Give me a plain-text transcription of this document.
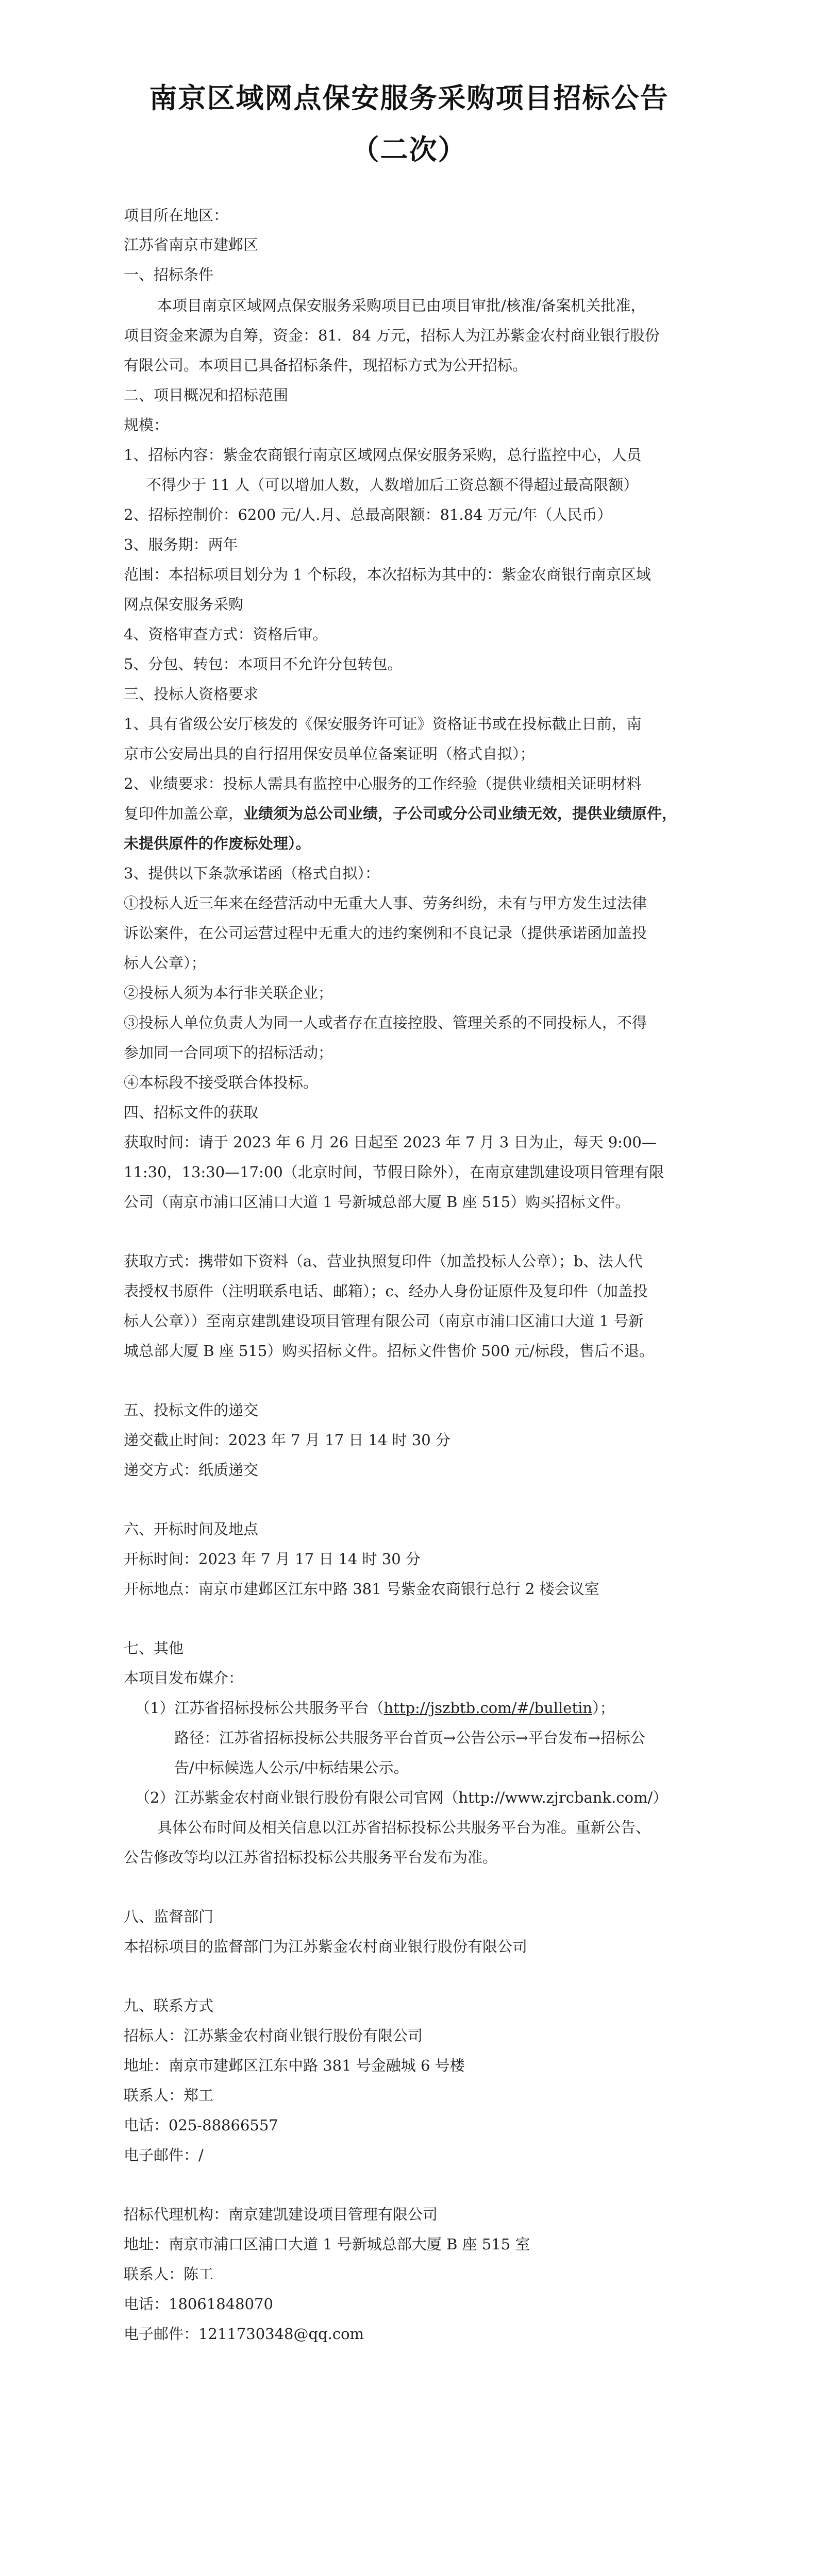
南京区域网点保安服务采购项目招标公告
（二次）
项目所在地区：
江苏省南京市建邺区
一、招标条件
本项目南京区域网点保安服务采购项目已由项目审批/核准/备案机关批准，
项目资金来源为自筹，资金：81．84 万元，招标人为江苏紫金农村商业银行股份
有限公司。本项目已具备招标条件，现招标方式为公开招标。
二、项目概况和招标范围
规模：
1、招标内容：紫金农商银行南京区域网点保安服务采购，总行监控中心，人员
不得少于 11 人（可以增加人数，人数增加后工资总额不得超过最高限额）
2、招标控制价：6200 元/人.月、总最高限额：81.84 万元/年（人民币）
3、服务期：两年
范围：本招标项目划分为 1 个标段，本次招标为其中的：紫金农商银行南京区域
网点保安服务采购
4、资格审查方式：资格后审。
5、分包、转包：本项目不允许分包转包。
三、投标人资格要求
1、具有省级公安厅核发的《保安服务许可证》资格证书或在投标截止日前，南
京市公安局出具的自行招用保安员单位备案证明（格式自拟）；
2、业绩要求：投标人需具有监控中心服务的工作经验（提供业绩相关证明材料
复印件加盖公章，业绩须为总公司业绩，子公司或分公司业绩无效，提供业绩原件，
未提供原件的作废标处理）。
3、提供以下条款承诺函（格式自拟）：
①投标人近三年来在经营活动中无重大人事、劳务纠纷，未有与甲方发生过法律
诉讼案件，在公司运营过程中无重大的违约案例和不良记录（提供承诺函加盖投
标人公章）；
②投标人须为本行非关联企业；
③投标人单位负责人为同一人或者存在直接控股、管理关系的不同投标人，不得
参加同一合同项下的招标活动；
④本标段不接受联合体投标。
四、招标文件的获取
获取时间：请于 2023 年 6 月 26 日起至 2023 年 7 月 3 日为止，每天 9:00—
11:30，13:30—17:00（北京时间，节假日除外），在南京建凯建设项目管理有限
公司（南京市浦口区浦口大道 1 号新城总部大厦 B 座 515）购买招标文件。
获取方式：携带如下资料（a、营业执照复印件（加盖投标人公章）；b、法人代
表授权书原件（注明联系电话、邮箱）；c、经办人身份证原件及复印件（加盖投
标人公章））至南京建凯建设项目管理有限公司（南京市浦口区浦口大道 1 号新
城总部大厦 B 座 515）购买招标文件。招标文件售价 500 元/标段，售后不退。
五、投标文件的递交
递交截止时间：2023 年 7 月 17 日 14 时 30 分
递交方式：纸质递交
六、开标时间及地点
开标时间：2023 年 7 月 17 日 14 时 30 分
开标地点：南京市建邺区江东中路 381 号紫金农商银行总行 2 楼会议室
七、其他
本项目发布媒介：
（1）江苏省招标投标公共服务平台（http://jszbtb.com/#/bulletin）；
路径：江苏省招标投标公共服务平台首页→公告公示→平台发布→招标公
告/中标候选人公示/中标结果公示。
（2）江苏紫金农村商业银行股份有限公司官网（http://www.zjrcbank.com/）
具体公布时间及相关信息以江苏省招标投标公共服务平台为准。重新公告、
公告修改等均以江苏省招标投标公共服务平台发布为准。
八、监督部门
本招标项目的监督部门为江苏紫金农村商业银行股份有限公司
九、联系方式
招标人：江苏紫金农村商业银行股份有限公司
地址：南京市建邺区江东中路 381 号金融城 6 号楼
联系人：郑工
电话：025-88866557
电子邮件：/
招标代理机构：南京建凯建设项目管理有限公司
地址：南京市浦口区浦口大道 1 号新城总部大厦 B 座 515 室
联系人：陈工
电话：18061848070
电子邮件：1211730348@qq.com
